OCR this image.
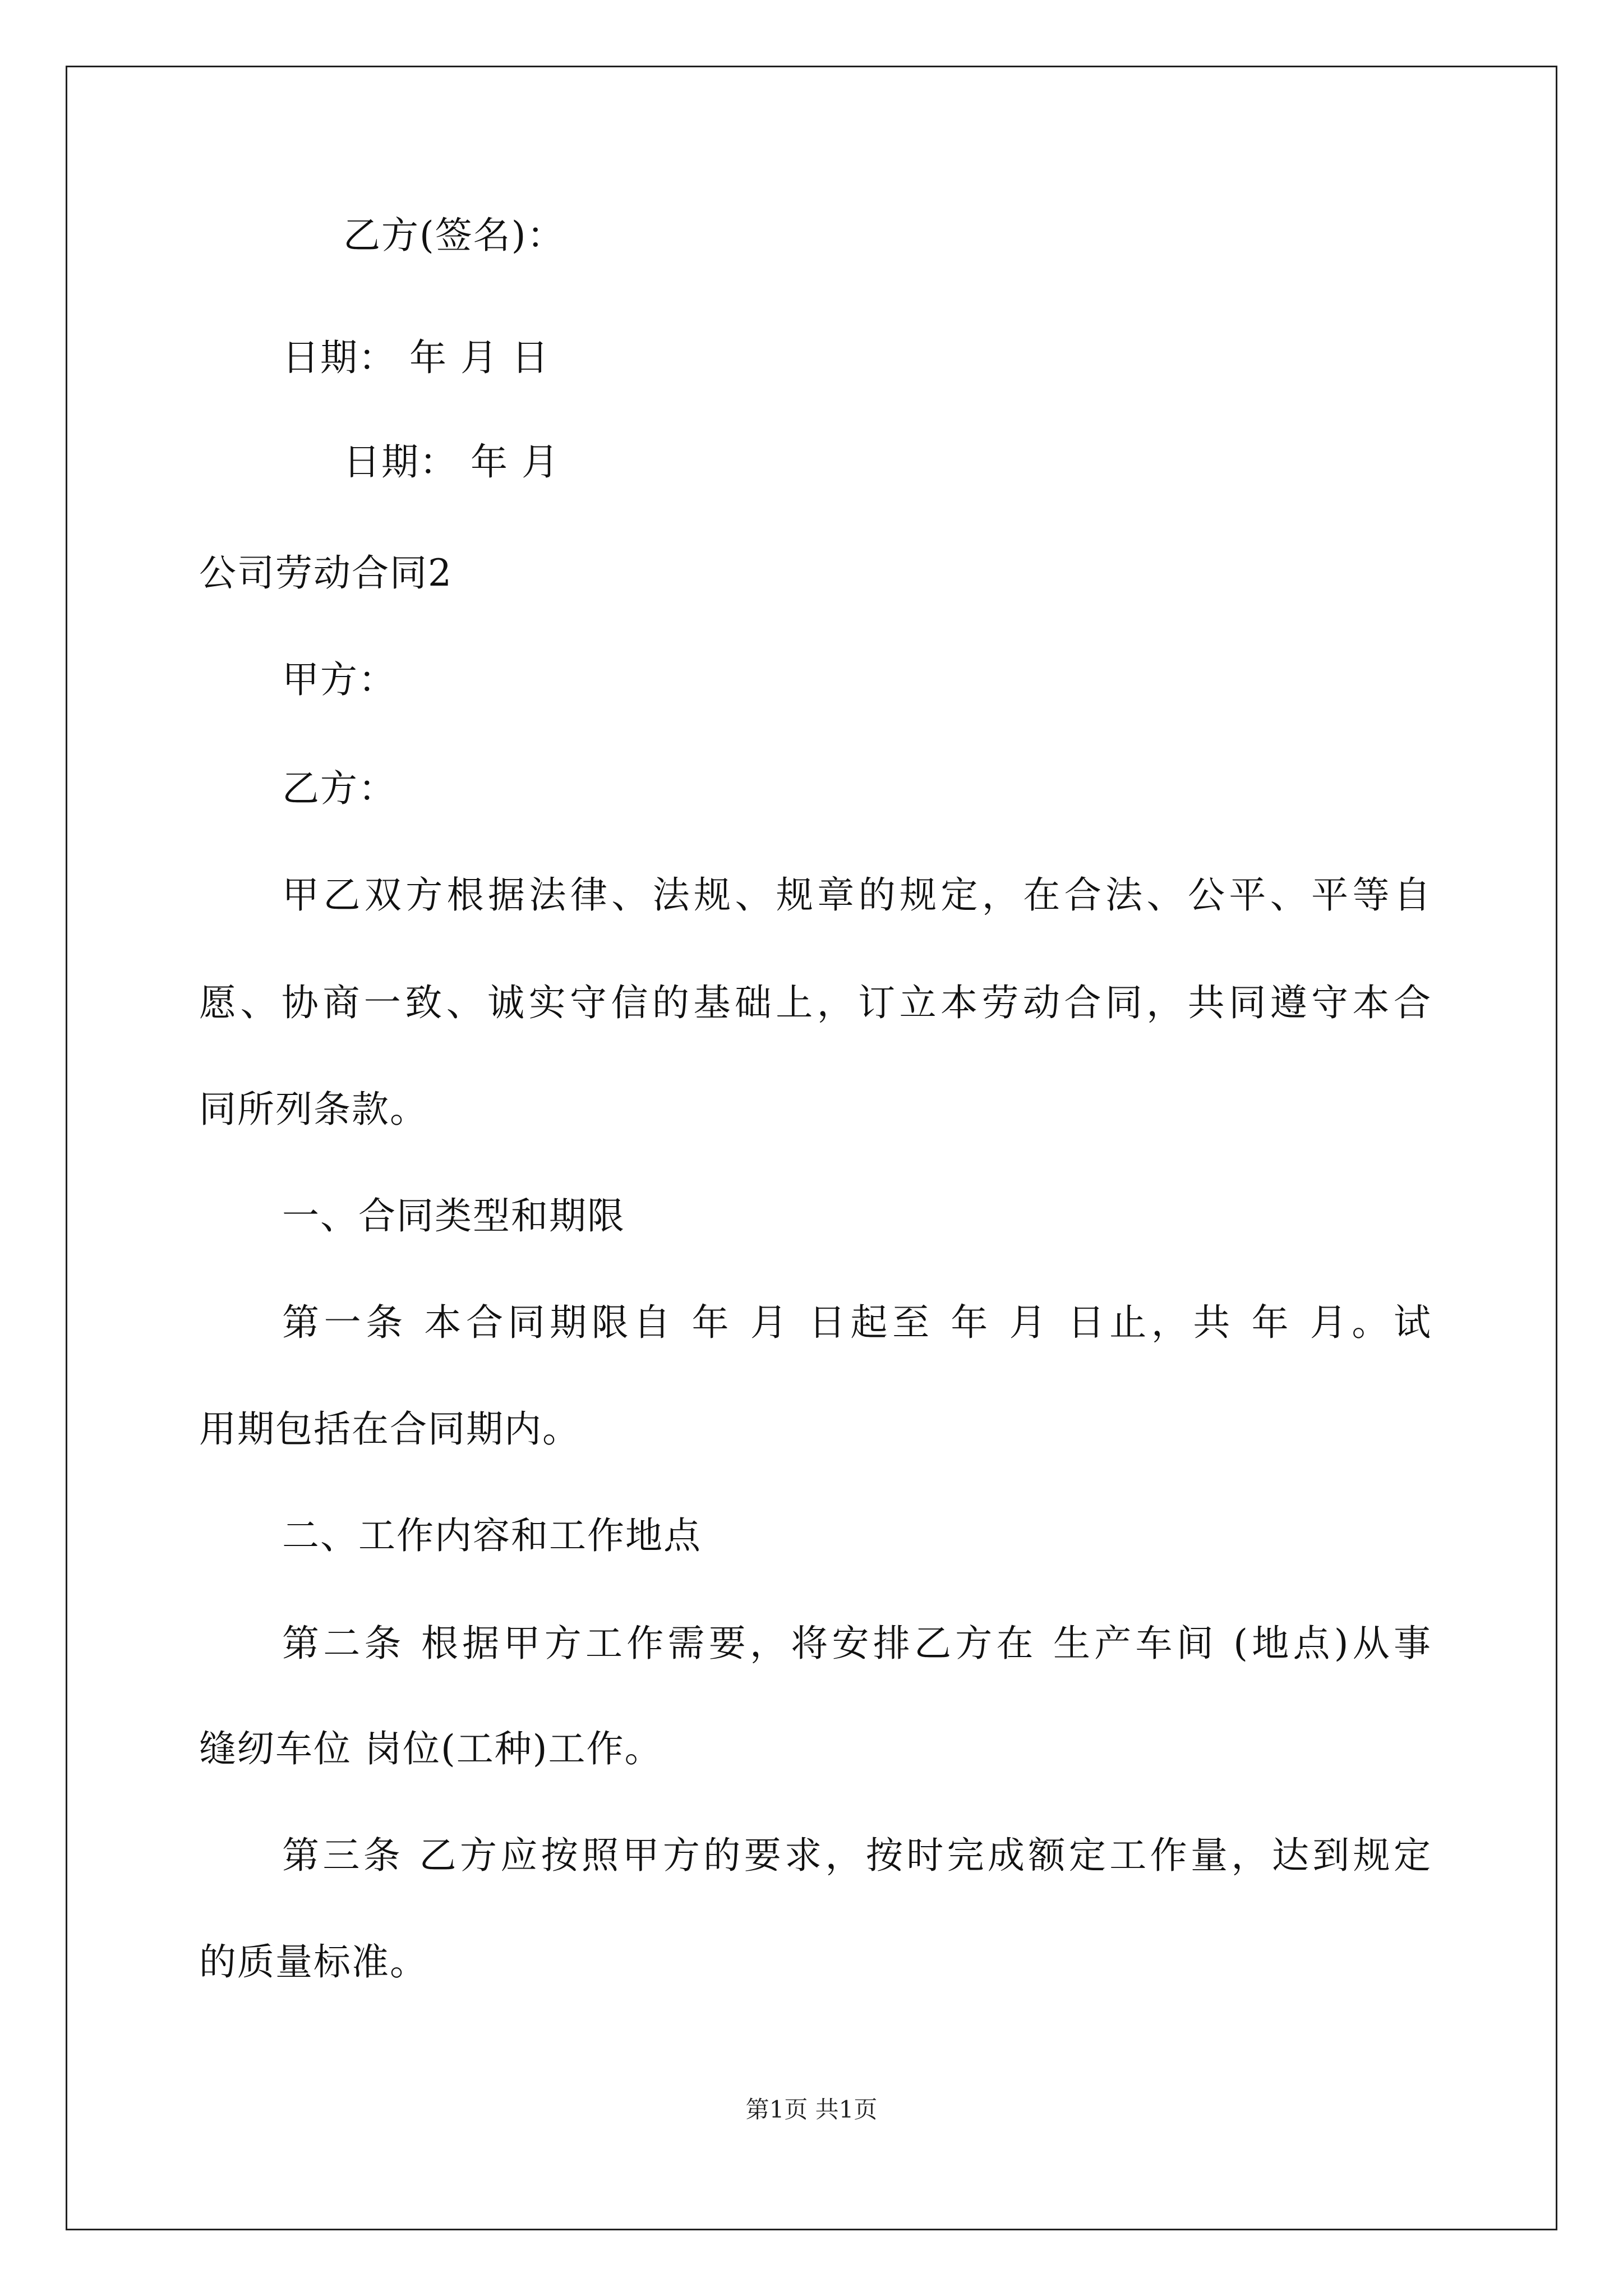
乙方(签名)：
日期： 年 月 日
日期： 年 月
公司劳动合同2
甲方：
乙方：
甲乙双方根据法律、法规、规章的规定，在合法、公平、平等自
愿、协商一致、诚实守信的基础上，订立本劳动合同，共同遵守本合
同所列条款。
一、合同类型和期限
第一条 本合同期限自 年 月 日起至 年 月 日止，共 年 月。试
用期包括在合同期内。
二、工作内容和工作地点
第二条 根据甲方工作需要，将安排乙方在 生产车间 (地点)从事
缝纫车位 岗位(工种)工作。
第三条 乙方应按照甲方的要求，按时完成额定工作量，达到规定
的质量标准。
第1页 共1页
